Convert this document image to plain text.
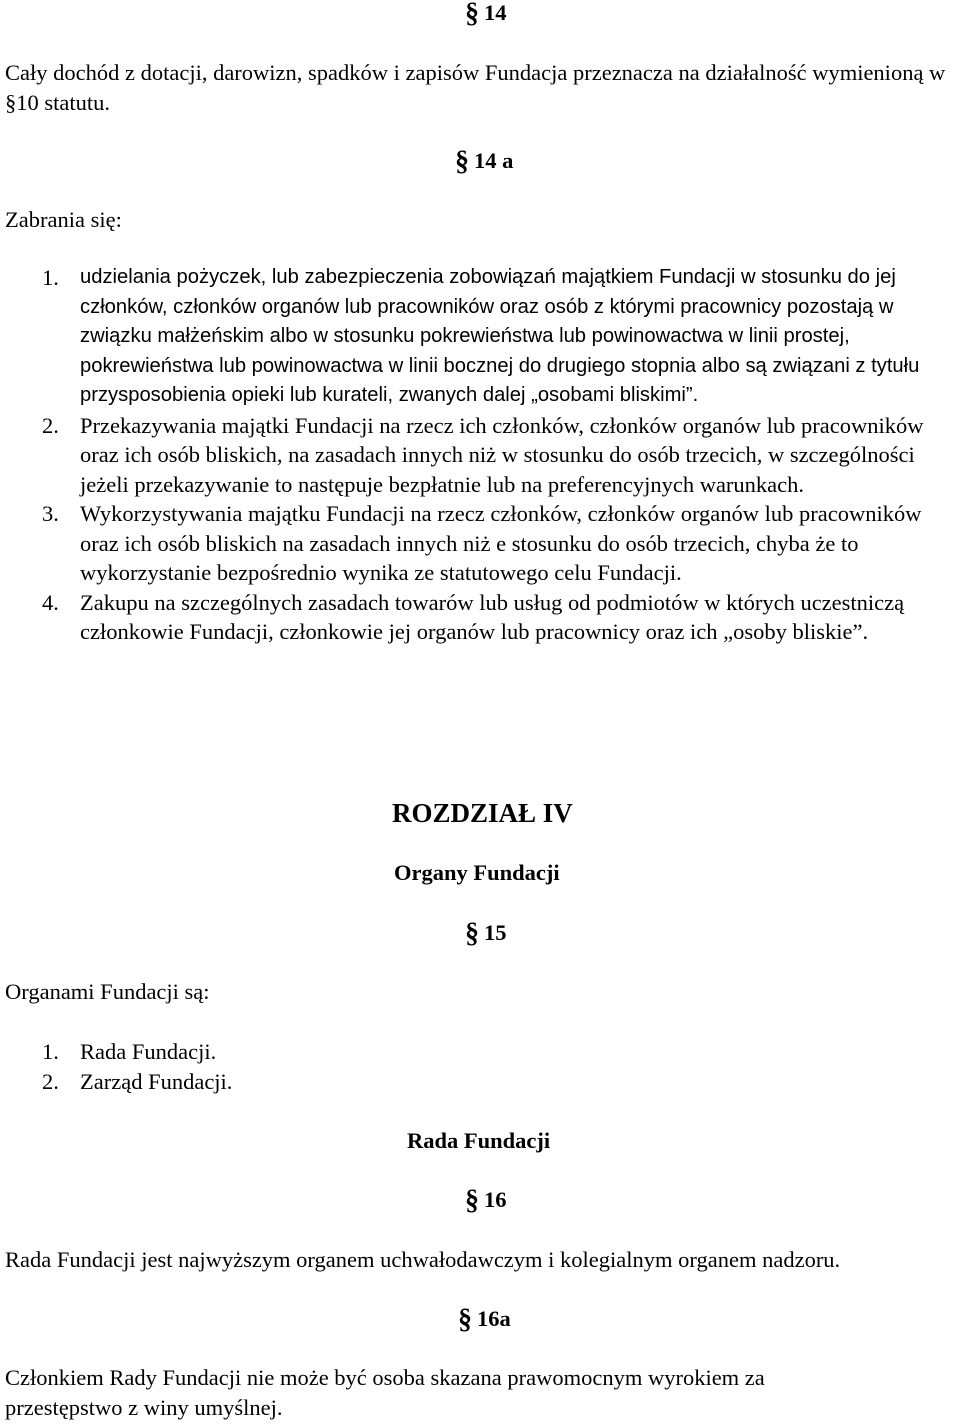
§ 14

Cały dochód z dotacji, darowizn, spadków i zapisów Fundacja przeznacza na działalność wymienioną w §10 statutu.

§ 14 a

Zabrania się:

1. udzielania pożyczek, lub zabezpieczenia zobowiązań majątkiem Fundacji w stosunku do jej członków, członków organów lub pracowników oraz osób z którymi pracownicy pozostają w związku małżeńskim albo w stosunku pokrewieństwa lub powinowactwa w linii prostej, pokrewieństwa lub powinowactwa w linii bocznej do drugiego stopnia albo są związani z tytułu przysposobienia opieki lub kurateli, zwanych dalej „osobami bliskimi”.
2. Przekazywania majątki Fundacji na rzecz ich członków, członków organów lub pracowników oraz ich osób bliskich, na zasadach innych niż w stosunku do osób trzecich, w szczególności jeżeli przekazywanie to następuje bezpłatnie lub na preferencyjnych warunkach.
3. Wykorzystywania majątku Fundacji na rzecz członków, członków organów lub pracowników oraz ich osób bliskich na zasadach innych niż e stosunku do osób trzecich, chyba że to wykorzystanie bezpośrednio wynika ze statutowego celu Fundacji.
4. Zakupu na szczególnych zasadach towarów lub usług od podmiotów w których uczestniczą członkowie Fundacji, członkowie jej organów lub pracownicy oraz ich „osoby bliskie”.
ROZDZIAŁ IV
Organy Fundacji
§ 15

Organami Fundacji są:

1. Rada Fundacji.
2. Zarząd Fundacji.
Rada Fundacji
§ 16

Rada Fundacji jest najwyższym organem uchwałodawczym i kolegialnym organem nadzoru.

§ 16a

Członkiem Rady Fundacji nie może być osoba skazana prawomocnym wyrokiem za przestępstwo z winy umyślnej.
